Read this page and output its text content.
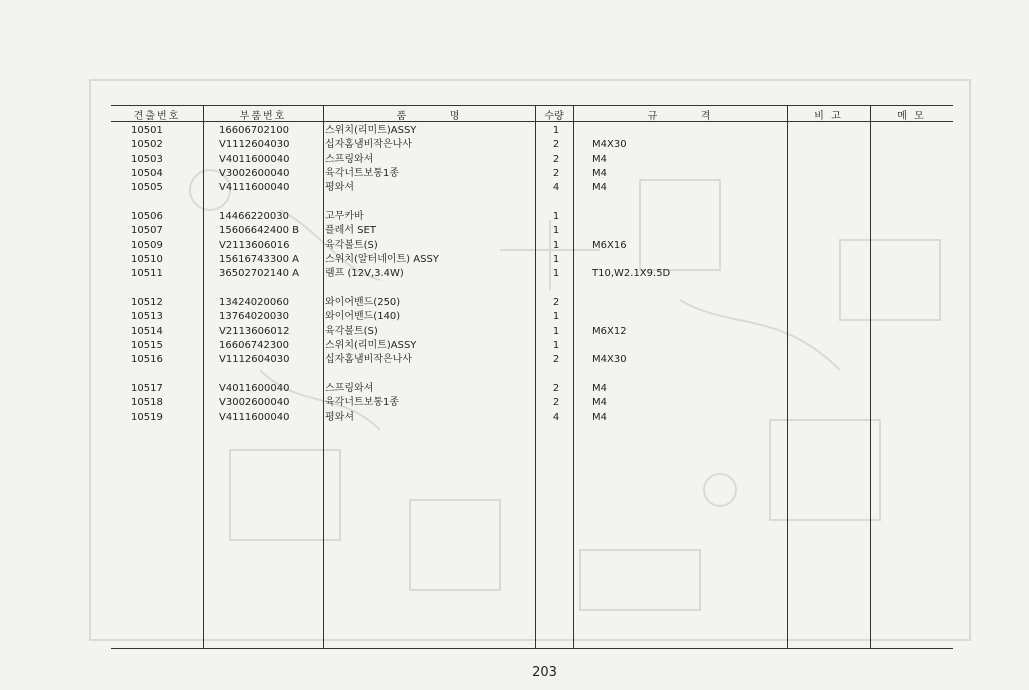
견출번호	부품번호	품        명	수량	규        격	비 고	메 모
10501	16606702100	스위치(리미트)ASSY	1
10502	V1112604030	십자홈냄비작은나사	2	M4X30
10503	V4011600040	스프링와셔	2	M4
10504	V3002600040	육각너트보통1종	2	M4
10505	V4111600040	평와셔	4	M4
10506	14466220030	고무카바	1
10507	15606642400 B	플레서 SET	1
10509	V2113606016	육각볼트(S)	1	M6X16
10510	15616743300 A	스위치(알터네이트) ASSY	1
10511	36502702140 A	램프 (12V,3.4W)	1	T10,W2.1X9.5D
10512	13424020060	와이어밴드(250)	2
10513	13764020030	와이어밴드(140)	1
10514	V2113606012	육각볼트(S)	1	M6X12
10515	16606742300	스위치(리미트)ASSY	1
10516	V1112604030	십자홈냄비작은나사	2	M4X30
10517	V4011600040	스프링와셔	2	M4
10518	V3002600040	육각너트보통1종	2	M4
10519	V4111600040	평와셔	4	M4
203
